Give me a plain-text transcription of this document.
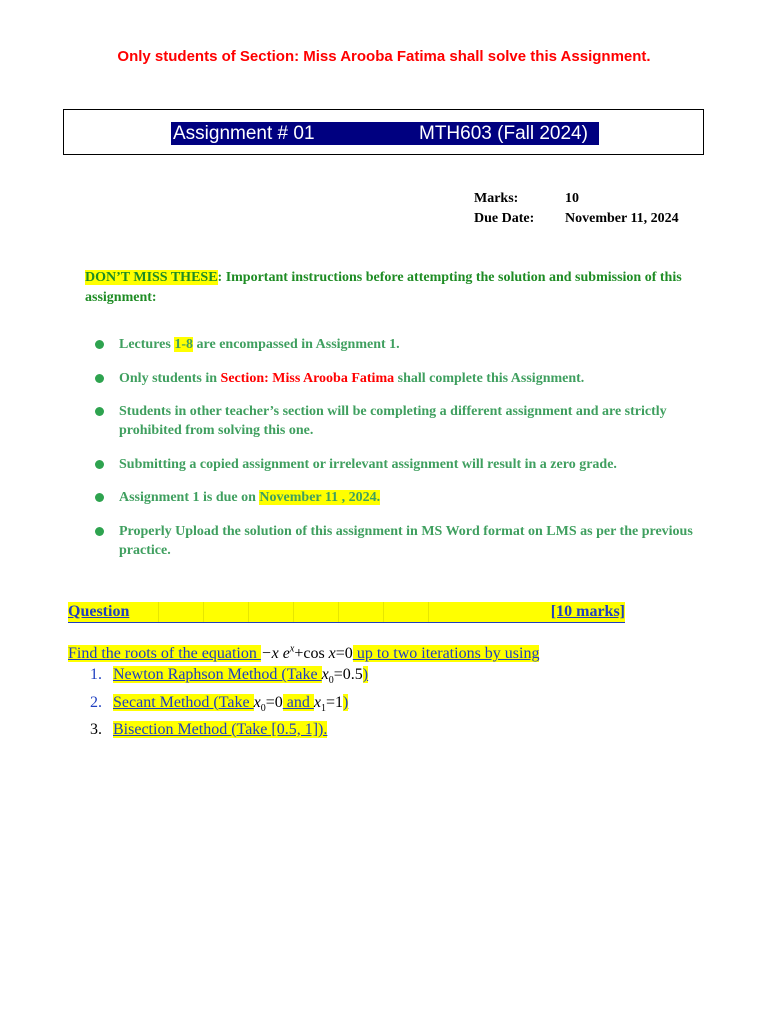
Only students of Section: Miss Arooba Fatima shall solve this Assignment.
Assignment # 01	MTH603 (Fall 2024)
Marks:	10
Due Date:	November 11, 2024
DON’T MISS THESE: Important instructions before attempting the solution and submission of this assignment:
Lectures 1-8 are encompassed in Assignment 1.
Only students in Section: Miss Arooba Fatima shall complete this Assignment.
Students in other teacher’s section will be completing a different assignment and are strictly prohibited from solving this one.
Submitting a copied assignment or irrelevant assignment will result in a zero grade.
Assignment 1 is due on November 11 , 2024.
Properly Upload the solution of this assignment in MS Word format on LMS as per the previous practice.
Question	[10 marks]
Find the roots of the equation −x $e^x+\cos$ x=0 up to two iterations by using
1. Newton Raphson Method (Take $x_0=0.5$)
2. Secant Method (Take $x_0=0$ and $x_1=1$)
3. Bisection Method (Take [0.5, 1]).
